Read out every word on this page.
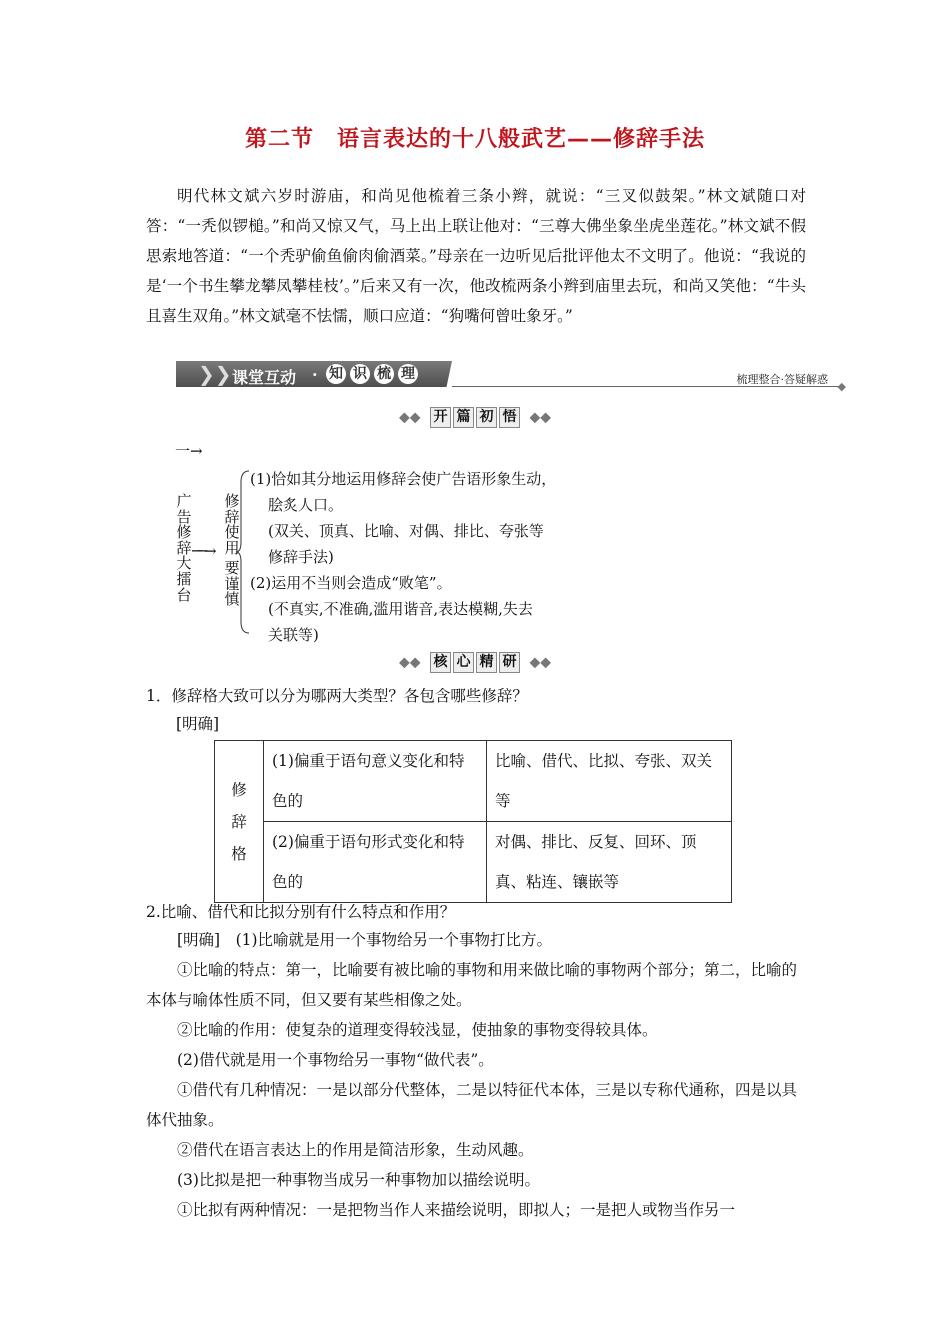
第二节　语言表达的十八般武艺——修辞手法
明代林文斌六岁时游庙，和尚见他梳着三条小辫，就说：“三叉似鼓架。”林文斌随口对答：“一秃似锣槌。”和尚又惊又气，马上出上联让他对：“三尊大佛坐象坐虎坐莲花。”林文斌不假思索地答道：“一个秃驴偷鱼偷肉偷酒菜。”母亲在一边听见后批评他太不文明了。他说：“我说的是‘一个书生攀龙攀凤攀桂枝’。”后来又有一次，他改梳两条小辫到庙里去玩，和尚又笑他：“牛头且喜生双角。”林文斌毫不怯懦，顺口应道：“狗嘴何曾吐象牙。”
❯❯ 课堂互动 · 知 识 梳 理	梳理整合·答疑解惑
◆
◆◆ 开 篇 初 悟 ◆◆
一→
广
告
修
辞
大
擂
台
──→
修
辞
使
用
要
谨
慎
(1)恰如其分地运用修辞会使广告语形象生动，
脍炙人口。
(双关、顶真、比喻、对偶、排比、夸张等
修辞手法)
(2)运用不当则会造成“败笔”。
(不真实,不准确,滥用谐音,表达模糊,失去
关联等)
◆◆ 核 心 精 研 ◆◆
1．修辞格大致可以分为哪两大类型？各包含哪些修辞？
[明确]
修
辞
格	(1)偏重于语句意义变化和特色的	比喻、借代、比拟、夸张、双关等
	(2)偏重于语句形式变化和特色的	对偶、排比、反复、回环、顶真、粘连、镶嵌等
2.比喻、借代和比拟分别有什么特点和作用？
[明确]　(1)比喻就是用一个事物给另一个事物打比方。
①比喻的特点：第一，比喻要有被比喻的事物和用来做比喻的事物两个部分；第二，比喻的本体与喻体性质不同，但又要有某些相像之处。
②比喻的作用：使复杂的道理变得较浅显，使抽象的事物变得较具体。
(2)借代就是用一个事物给另一事物“做代表”。
①借代有几种情况：一是以部分代整体，二是以特征代本体，三是以专称代通称，四是以具体代抽象。
②借代在语言表达上的作用是简洁形象，生动风趣。
(3)比拟是把一种事物当成另一种事物加以描绘说明。
①比拟有两种情况：一是把物当作人来描绘说明，即拟人；一是把人或物当作另一
